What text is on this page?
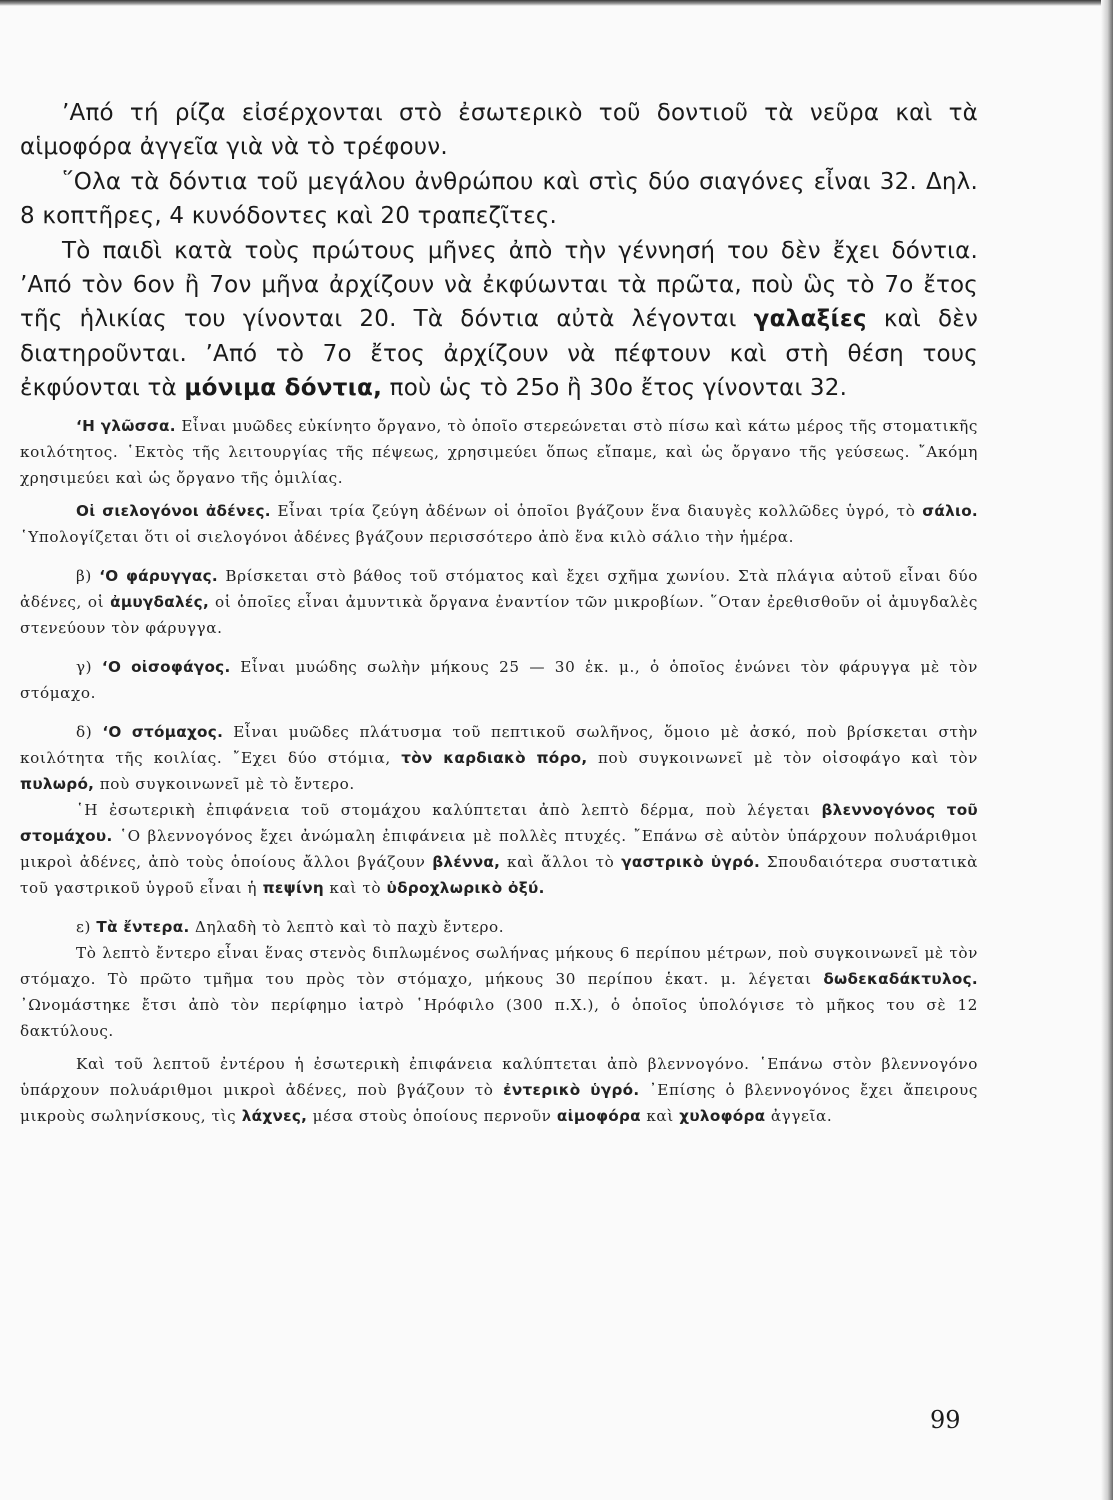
’Από τή ρίζα εἰσέρχονται στὸ ἐσωτερικὸ τοῦ δοντιοῦ τὰ νεῦρα καὶ τὰ αἱμοφόρα ἀγγεῖα γιὰ νὰ τὸ τρέφουν.

῞Ολα τὰ δόντια τοῦ μεγάλου ἀνθρώπου καὶ στὶς δύο σιαγόνες εἶναι 32. Δηλ. 8 κοπτῆρες, 4 κυνόδοντες καὶ 20 τραπεζῖτες.

Τὸ παιδὶ κατὰ τοὺς πρώτους μῆνες ἀπὸ τὴν γέννησή του δὲν ἔχει δόντια. ’Από τὸν 6ον ἢ 7ον μῆνα ἀρχίζουν νὰ ἐκφύωνται τὰ πρῶτα, ποὺ ὣς τὸ 7ο ἔτος τῆς ἡλικίας του γίνονται 20. Τὰ δόντια αὐτὰ λέγονται γαλαξίες καὶ δὲν διατηροῦνται. ’Από τὸ 7ο ἔτος ἀρχίζουν νὰ πέφτουν καὶ στὴ θέση τους ἐκφύονται τὰ μόνιμα δόντια, ποὺ ὡς τὸ 25ο ἢ 30ο ἔτος γίνονται 32.

‘Η γλῶσσα. Εἶναι μυῶδες εὐκίνητο ὄργανο, τὸ ὁποῖο στερεώνεται στὸ πίσω καὶ κάτω μέρος τῆς στοματικῆς κοιλότητος. ῾Εκτὸς τῆς λειτουργίας τῆς πέψεως, χρησιμεύει ὅπως εἴπαμε, καὶ ὡς ὄργανο τῆς γεύσεως. ῎Ακόμη χρησιμεύει καὶ ὡς ὄργανο τῆς ὁμιλίας.

Οἱ σιελογόνοι ἀδένες. Εἶναι τρία ζεύγη ἀδένων οἱ ὁποῖοι βγάζουν ἕνα διαυγὲς κολλῶδες ὑγρό, τὸ σάλιο. ῾Υπολογίζεται ὅτι οἱ σιελογόνοι ἀδένες βγάζουν περισσότερο ἀπὸ ἕνα κιλὸ σάλιο τὴν ἡμέρα.

β) ‘Ο φάρυγγας. Βρίσκεται στὸ βάθος τοῦ στόματος καὶ ἔχει σχῆμα χωνίου. Στὰ πλάγια αὐτοῦ εἶναι δύο ἀδένες, οἱ ἀμυγδαλές, οἱ ὁποῖες εἶναι ἀμυντικὰ ὄργανα ἐναντίον τῶν μικροβίων. ῞Οταν ἐρεθισθοῦν οἱ ἀμυγδαλὲς στενεύουν τὸν φάρυγγα.

γ) ‘Ο οἰσοφάγος. Εἶναι μυώδης σωλὴν μήκους 25 — 30 ἑκ. μ., ὁ ὁποῖος ἑνώνει τὸν φάρυγγα μὲ τὸν στόμαχο.

δ) ‘Ο στόμαχος. Εἶναι μυῶδες πλάτυσμα τοῦ πεπτικοῦ σωλῆνος, ὅμοιο μὲ ἀσκό, ποὺ βρίσκεται στὴν κοιλότητα τῆς κοιλίας. ῎Εχει δύο στόμια, τὸν καρδιακὸ πόρο, ποὺ συγκοινωνεῖ μὲ τὸν οἰσοφάγο καὶ τὸν πυλωρό, ποὺ συγκοινωνεῖ μὲ τὸ ἔντερο.

῾Η ἐσωτερικὴ ἐπιφάνεια τοῦ στομάχου καλύπτεται ἀπὸ λεπτὸ δέρμα, ποὺ λέγεται βλεννογόνος τοῦ στομάχου. ῾Ο βλεννογόνος ἔχει ἀνώμαλη ἐπιφάνεια μὲ πολλὲς πτυχές. ῎Επάνω σὲ αὐτὸν ὑπάρχουν πολυάριθμοι μικροὶ ἀδένες, ἀπὸ τοὺς ὁποίους ἄλλοι βγάζουν βλέννα, καὶ ἄλλοι τὸ γαστρικὸ ὑγρό. Σπουδαιότερα συστατικὰ τοῦ γαστρικοῦ ὑγροῦ εἶναι ἡ πεψίνη καὶ τὸ ὑδροχλωρικὸ ὀξύ.

ε) Τὰ ἔντερα. Δηλαδὴ τὸ λεπτὸ καὶ τὸ παχὺ ἔντερο.

Τὸ λεπτὸ ἔντερο εἶναι ἕνας στενὸς διπλωμένος σωλήνας μήκους 6 περίπου μέτρων, ποὺ συγκοινωνεῖ μὲ τὸν στόμαχο. Τὸ πρῶτο τμῆμα του πρὸς τὸν στόμαχο, μήκους 30 περίπου ἑκατ. μ. λέγεται δωδεκαδάκτυλος. ᾿Ωνομάστηκε ἔτσι ἀπὸ τὸν περίφημο ἰατρὸ ῾Ηρόφιλο (300 π.Χ.), ὁ ὁποῖος ὑπολόγισε τὸ μῆκος του σὲ 12 δακτύλους.

Καὶ τοῦ λεπτοῦ ἐντέρου ἡ ἐσωτερικὴ ἐπιφάνεια καλύπτεται ἀπὸ βλεννογόνο. ῾Επάνω στὸν βλεννογόνο ὑπάρχουν πολυάριθμοι μικροὶ ἀδένες, ποὺ βγάζουν τὸ ἐντερικὸ ὑγρό. ᾿Επίσης ὁ βλεννογόνος ἔχει ἄπειρους μικροὺς σωληνίσκους, τὶς λάχνες, μέσα στοὺς ὁποίους περνοῦν αἱμοφόρα καὶ χυλοφόρα ἀγγεῖα.

99
